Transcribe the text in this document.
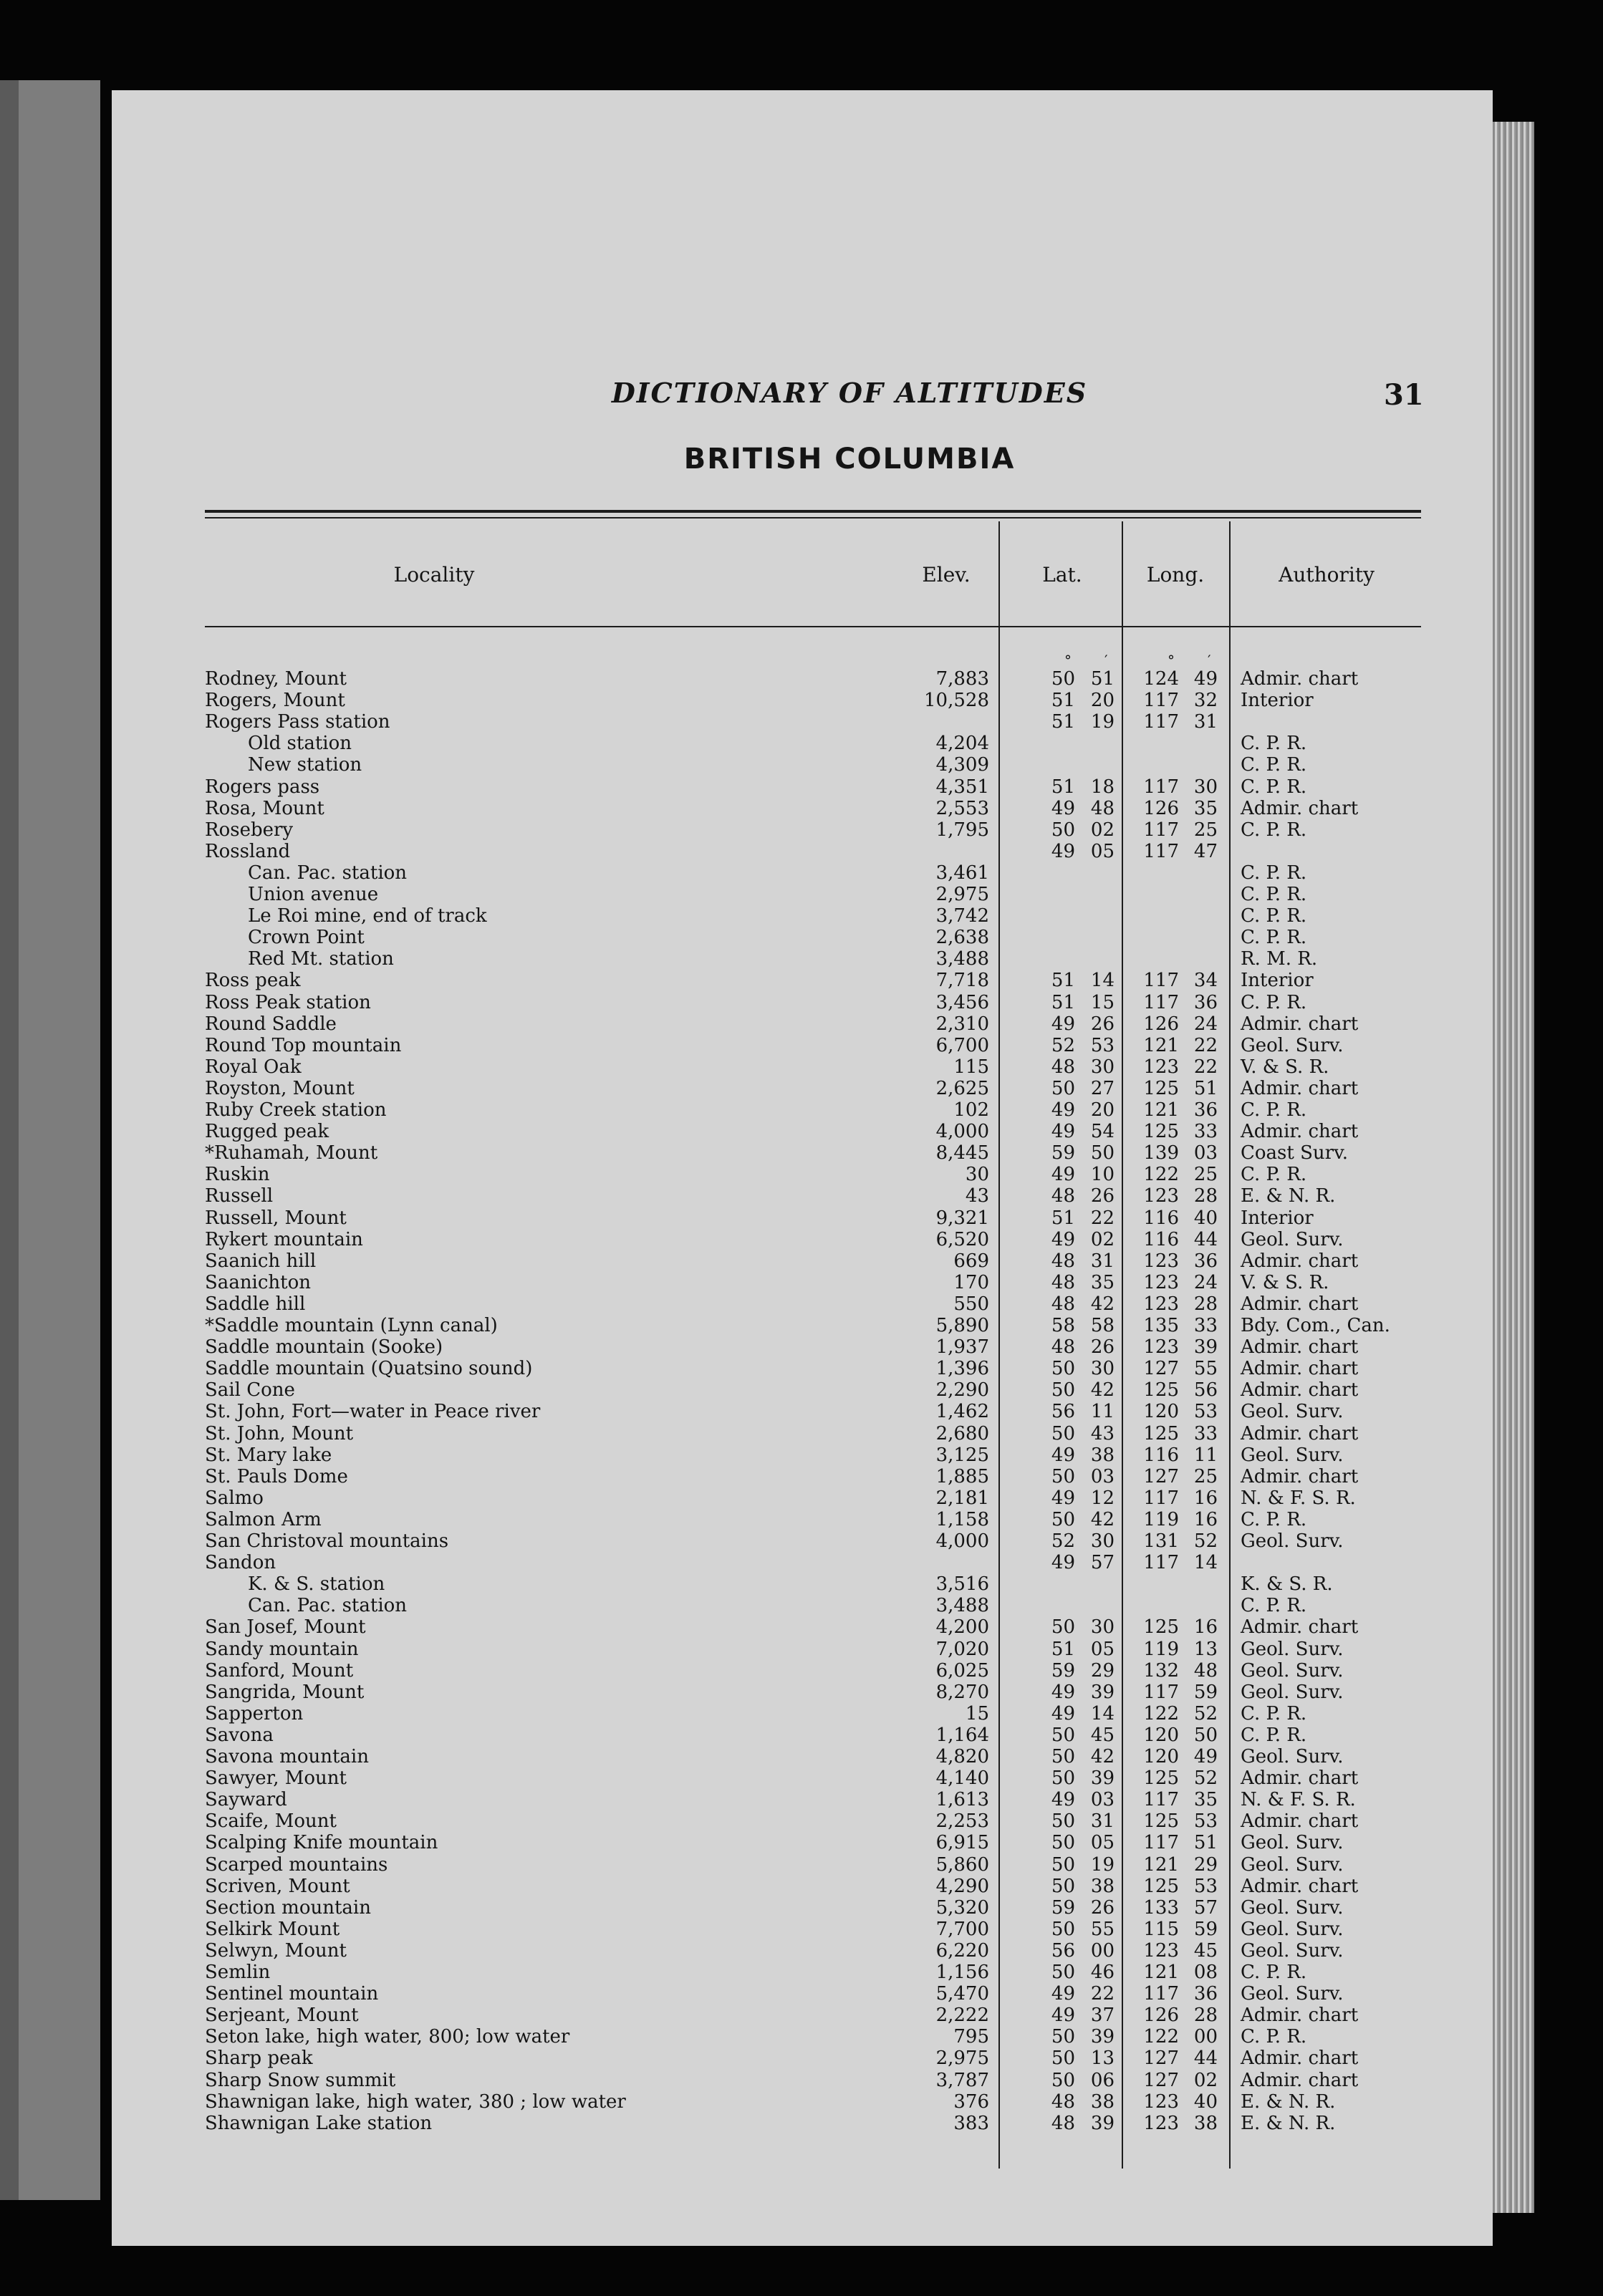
DICTIONARY OF ALTITUDES	31
BRITISH COLUMBIA
Locality	Elev.	Lat.	Long.	Authority
° ′	° ′
Rodney, Mount	7,883	50 51	124 49 Admir. chart
Rogers, Mount	10,528	51 20	117 32 Interior
Rogers Pass station	51 19	117 31
Old station	4,204	C. P. R.
New station	4,309	C. P. R.
Rogers pass	4,351	51 18	117 30 C. P. R.
Rosa, Mount	2,553	49 48	126 35 Admir. chart
Rosebery	1,795	50 02	117 25 C. P. R.
Rossland	49 05	117 47
Can. Pac. station	3,461	C. P. R.
Union avenue	2,975	C. P. R.
Le Roi mine, end of track	3,742	C. P. R.
Crown Point	2,638	C. P. R.
Red Mt. station	3,488	R. M. R.
Ross peak	7,718	51 14	117 34 Interior
Ross Peak station	3,456	51 15	117 36 C. P. R.
Round Saddle	2,310	49 26	126 24 Admir. chart
Round Top mountain	6,700	52 53	121 22 Geol. Surv.
Royal Oak	115	48 30	123 22 V. & S. R.
Royston, Mount	2,625	50 27	125 51 Admir. chart
Ruby Creek station	102	49 20	121 36 C. P. R.
Rugged peak	4,000	49 54	125 33 Admir. chart
*Ruhamah, Mount	8,445	59 50	139 03 Coast Surv.
Ruskin	30	49 10	122 25 C. P. R.
Russell	43	48 26	123 28 E. & N. R.
Russell, Mount	9,321	51 22	116 40 Interior
Rykert mountain	6,520	49 02	116 44 Geol. Surv.
Saanich hill	669	48 31	123 36 Admir. chart
Saanichton	170	48 35	123 24 V. & S. R.
Saddle hill	550	48 42	123 28 Admir. chart
*Saddle mountain (Lynn canal)	5,890	58 58	135 33 Bdy. Com., Can.
Saddle mountain (Sooke)	1,937	48 26	123 39 Admir. chart
Saddle mountain (Quatsino sound)	1,396	50 30	127 55 Admir. chart
Sail Cone	2,290	50 42	125 56 Admir. chart
St. John, Fort—water in Peace river	1,462	56 11	120 53 Geol. Surv.
St. John, Mount	2,680	50 43	125 33 Admir. chart
St. Mary lake	3,125	49 38	116 11 Geol. Surv.
St. Pauls Dome	1,885	50 03	127 25 Admir. chart
Salmo	2,181	49 12	117 16 N. & F. S. R.
Salmon Arm	1,158	50 42	119 16 C. P. R.
San Christoval mountains	4,000	52 30	131 52 Geol. Surv.
Sandon	49 57	117 14
K. & S. station	3,516	K. & S. R.
Can. Pac. station	3,488	C. P. R.
San Josef, Mount	4,200	50 30	125 16 Admir. chart
Sandy mountain	7,020	51 05	119 13 Geol. Surv.
Sanford, Mount	6,025	59 29	132 48 Geol. Surv.
Sangrida, Mount	8,270	49 39	117 59 Geol. Surv.
Sapperton	15	49 14	122 52 C. P. R.
Savona	1,164	50 45	120 50 C. P. R.
Savona mountain	4,820	50 42	120 49 Geol. Surv.
Sawyer, Mount	4,140	50 39	125 52 Admir. chart
Sayward	1,613	49 03	117 35 N. & F. S. R.
Scaife, Mount	2,253	50 31	125 53 Admir. chart
Scalping Knife mountain	6,915	50 05	117 51 Geol. Surv.
Scarped mountains	5,860	50 19	121 29 Geol. Surv.
Scriven, Mount	4,290	50 38	125 53 Admir. chart
Section mountain	5,320	59 26	133 57 Geol. Surv.
Selkirk Mount	7,700	50 55	115 59 Geol. Surv.
Selwyn, Mount	6,220	56 00	123 45 Geol. Surv.
Semlin	1,156	50 46	121 08 C. P. R.
Sentinel mountain	5,470	49 22	117 36 Geol. Surv.
Serjeant, Mount	2,222	49 37	126 28 Admir. chart
Seton lake, high water, 800; low water	795	50 39	122 00 C. P. R.
Sharp peak	2,975	50 13	127 44 Admir. chart
Sharp Snow summit	3,787	50 06	127 02 Admir. chart
Shawnigan lake, high water, 380 ; low water	376	48 38	123 40 E. & N. R.
Shawnigan Lake station	383	48 39	123 38 E. & N. R.
